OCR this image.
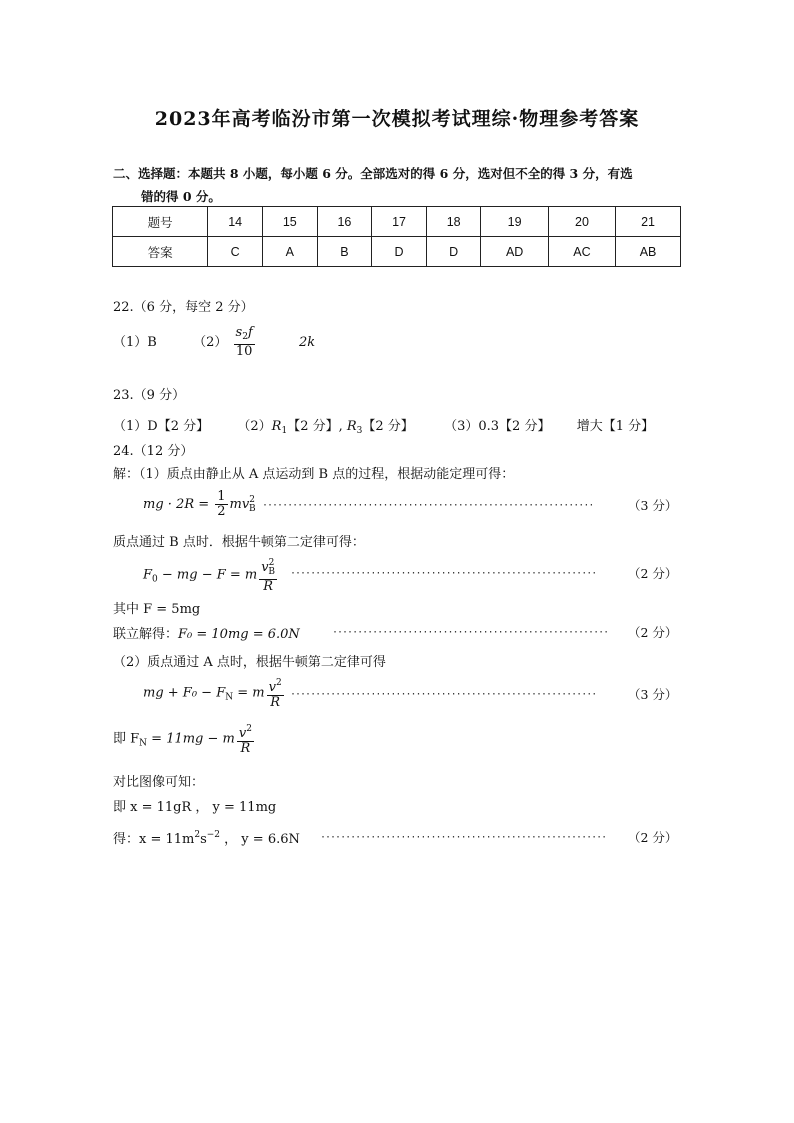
2023年高考临汾市第一次模拟考试理综·物理参考答案
二、选择题：本题共 8 小题，每小题 6 分。全部选对的得 6 分，选对但不全的得 3 分，有选
错的得 0 分。
题号	14	15	16	17	18	19	20	21
答案	C	A	B	D	D	AD	AC	AB
22.（6 分，每空 2 分）
（1）B	$(2) \frac{s_2f}{10}$	2k
23.（9 分）
（1）D【2 分】 $(2)R_1$【2 分】, $R_3$【2 分】 （3）0.3【2 分】 增大【1 分】
24.（12 分）
解：（1）质点由静止从 A 点运动到 B 点的过程，根据动能定理可得：
mg · $2R = \frac{1}{2} mv^2_B$ ··································································	（3 分）
质点通过 B 点时．根据牛顿第二定律可得：
$F_0$ − mg − F = m $\frac{v^2_B}{R}$ ·····························································	（2 分）
其中 F = 5mg
联立解得：F₀ = 10mg = 6.0N	······················································· （2 分）
（2）质点通过 A 点时，根据牛顿第二定律可得
mg + $F_0 - F_N = m \frac{v^2}{R}$ ·····························································	（3 分）
即 $F_N = 11mg - m \frac{v^2}{R}$
对比图像可知：
即 x = 11gR ， y = 11mg
得：$x = 11m^2s^{-2}$ ， y = 6.6N ························································· （2 分）
